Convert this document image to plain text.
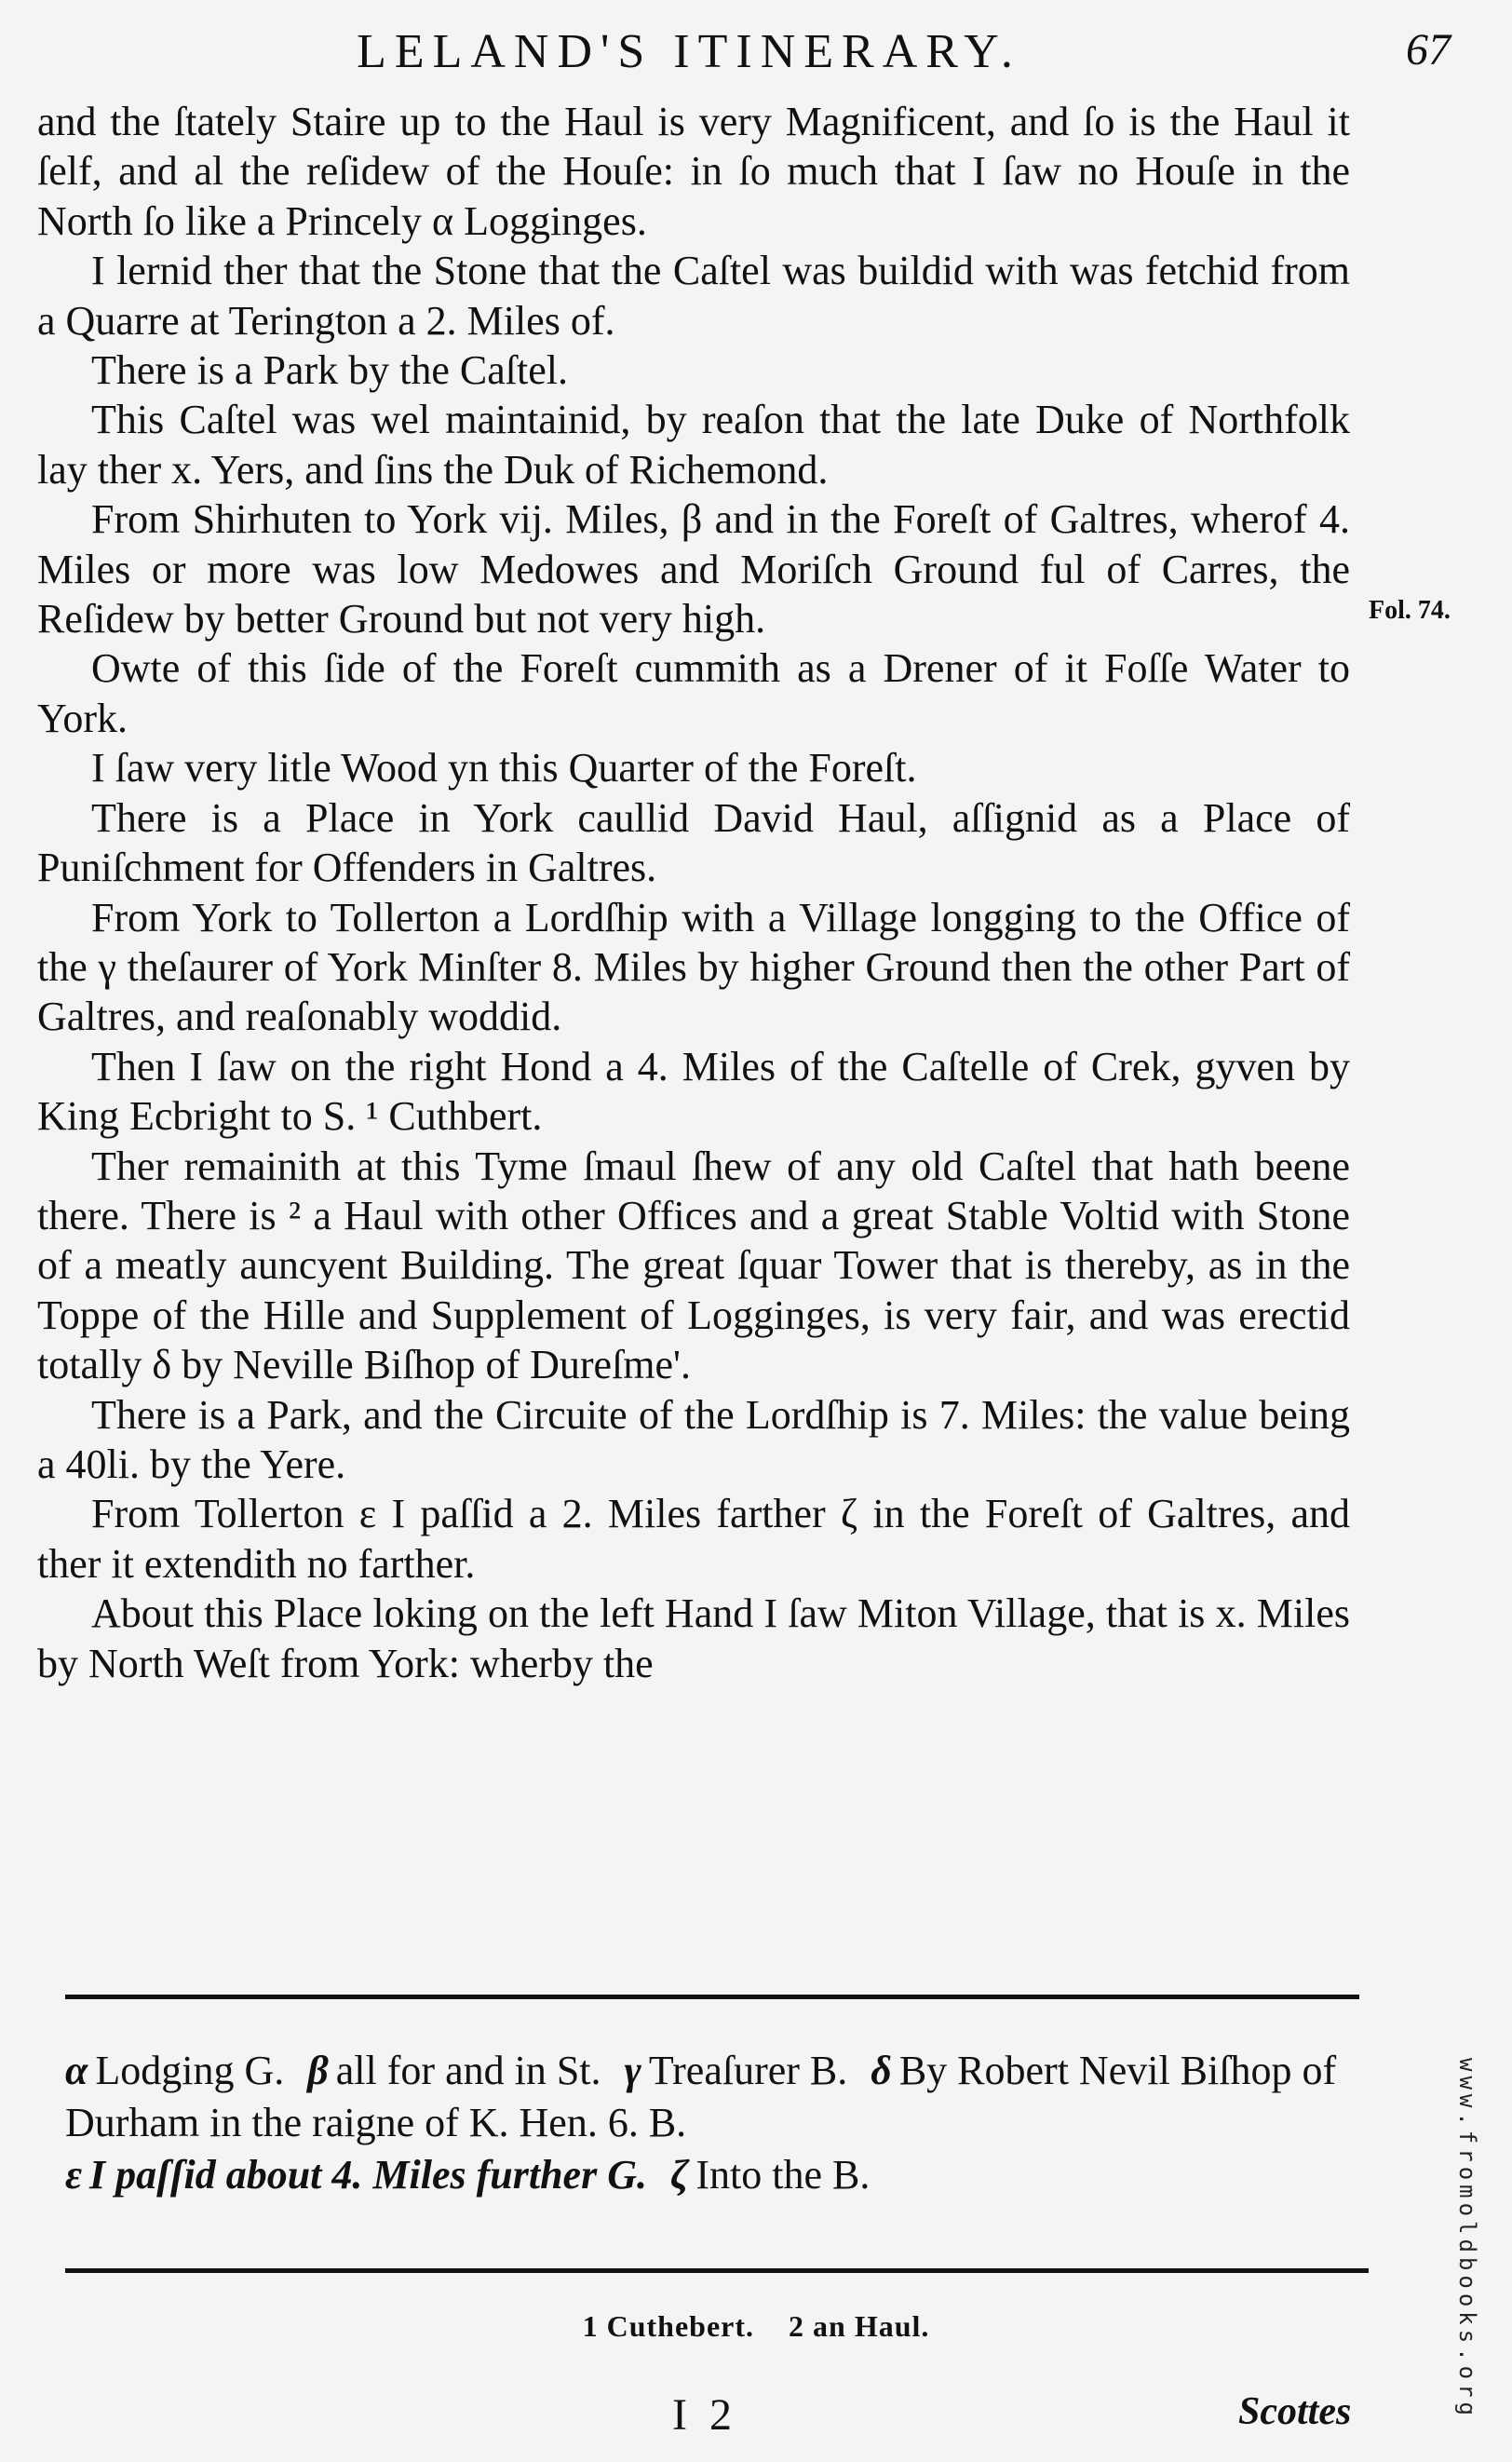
LELAND'S ITINERARY.	67
Fol. 74.

and the ſtately Staire up to the Haul is very Magnificent, and ſo is the Haul it ſelf, and al the reſidew of the Houſe: in ſo much that I ſaw no Houſe in the North ſo like a Princely α Logginges.

I lernid ther that the Stone that the Caſtel was buildid with was fetchid from a Quarre at Terington a 2. Miles of.

There is a Park by the Caſtel.

This Caſtel was wel maintainid, by reaſon that the late Duke of Northfolk lay ther x. Yers, and ſins the Duk of Richemond.

From Shirhuten to York vij. Miles, β and in the Foreſt of Galtres, wherof 4. Miles or more was low Medowes and Moriſch Ground ful of Carres, the Reſidew by better Ground but not very high.

Owte of this ſide of the Foreſt cummith as a Drener of it Foſſe Water to York.

I ſaw very litle Wood yn this Quarter of the Foreſt.

There is a Place in York caullid David Haul, aſſignid as a Place of Puniſchment for Offenders in Galtres.

From York to Tollerton a Lordſhip with a Village longging to the Office of the γ theſaurer of York Minſter 8. Miles by higher Ground then the other Part of Galtres, and reaſonably woddid.

Then I ſaw on the right Hond a 4. Miles of the Caſtelle of Crek, gyven by King Ecbright to S. ¹ Cuthbert.

Ther remainith at this Tyme ſmaul ſhew of any old Caſtel that hath beene there. There is ² a Haul with other Offices and a great Stable Voltid with Stone of a meatly auncyent Building. The great ſquar Tower that is thereby, as in the Toppe of the Hille and Supplement of Logginges, is very fair, and was erectid totally δ by Neville Biſhop of Dureſme'.

There is a Park, and the Circuite of the Lordſhip is 7. Miles: the value being a 40li. by the Yere.

From Tollerton ε I paſſid a 2. Miles farther ζ in the Foreſt of Galtres, and ther it extendith no farther.

About this Place loking on the left Hand I ſaw Miton Village, that is x. Miles by North Weſt from York: wherby the

α Lodging G. β all for and in St. γ Treaſurer B. δ By Robert Nevil Biſhop of Durham in the raigne of K. Hen. 6. B.

ε I paſſid about 4. Miles further G. ζ Into the B.

1 Cuthebert. 2 an Haul.
I 2	Scottes	www.fromoldbooks.org
